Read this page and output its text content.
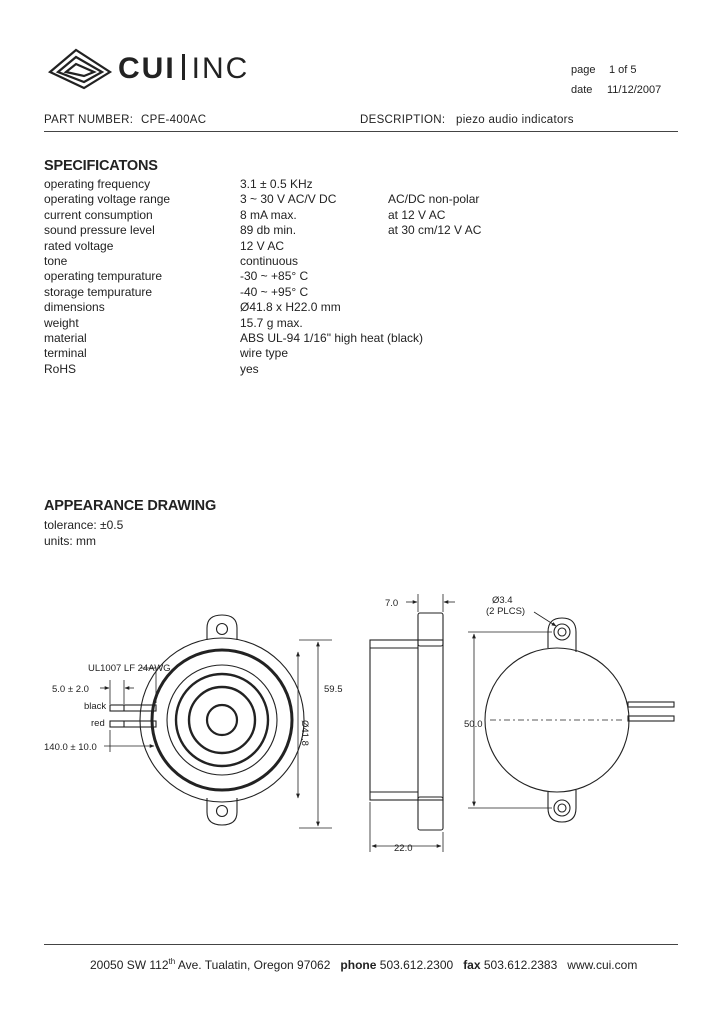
CUI INC	page 1 of 5
date 11/12/2007
PART NUMBER: CPE-400AC	DESCRIPTION: piezo audio indicators
SPECIFICATONS
operating frequency	3.1 ± 0.5 KHz
operating voltage range	3 ~ 30 V AC/V DC	AC/DC non-polar
current consumption	8 mA max.	at 12 V AC
sound pressure level	89 db min.	at 30 cm/12 V AC
rated voltage	12 V AC
tone	continuous
operating tempurature	-30 ~ +85° C
storage tempurature	-40 ~ +95° C
dimensions	Ø41.8 x H22.0 mm
weight	15.7 g max.
material	ABS UL-94 1/16" high heat (black)
terminal	wire type
RoHS	yes
APPEARANCE DRAWING
tolerance: ±0.5
units: mm
UL1007 LF 24AWG
5.0 ± 2.0
black
red
140.0 ± 10.0
59.5
Ø41.8
7.0
22.0
Ø3.4
(2 PLCS)
50.0
20050 SW 112th Ave. Tualatin, Oregon 97062 phone 503.612.2300 fax 503.612.2383 www.cui.com
